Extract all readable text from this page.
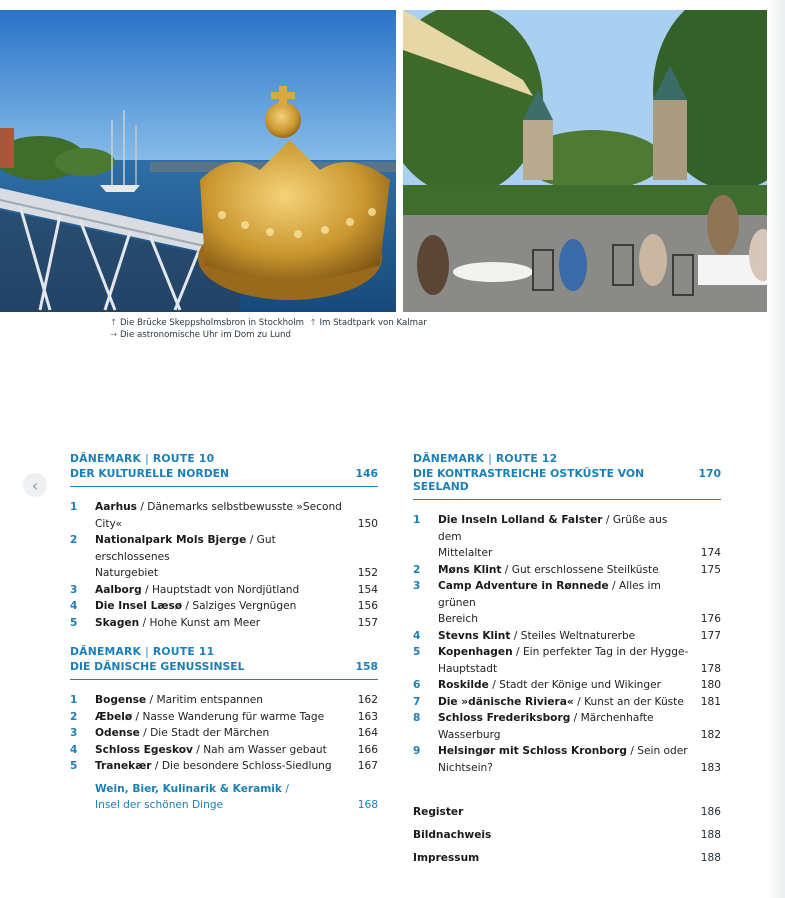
↑ Die Brücke Skeppsholmsbron in Stockholm  ↑ Im Stadtpark von Kalmar
→ Die astronomische Uhr im Dom zu Lund
‹
DÄNEMARK | ROUTE 10
DER KULTURELLE NORDEN	146
1	Aarhus / Dänemarks selbstbewusste »Second City«	150
2	Nationalpark Mols Bjerge / Gut erschlossenes
Naturgebiet	152
3	Aalborg / Hauptstadt von Nordjütland	154
4	Die Insel Læsø / Salziges Vergnügen	156
5	Skagen / Hohe Kunst am Meer	157
DÄNEMARK | ROUTE 11
DIE DÄNISCHE GENUSSINSEL	158
1	Bogense / Maritim entspannen	162
2	Æbelø / Nasse Wanderung für warme Tage	163
3	Odense / Die Stadt der Märchen	164
4	Schloss Egeskov / Nah am Wasser gebaut	166
5	Tranekær / Die besondere Schloss-Siedlung	167
Wein, Bier, Kulinarik & Keramik /
Insel der schönen Dinge	168
DÄNEMARK | ROUTE 12
DIE KONTRASTREICHE OSTKÜSTE VON SEELAND
170
1	Die Inseln Lolland & Falster / Grüße aus dem
Mittelalter	174
2	Møns Klint / Gut erschlossene Steilküste	175
3	Camp Adventure in Rønnede / Alles im grünen
Bereich	176
4	Stevns Klint / Steiles Weltnaturerbe	177
5	Kopenhagen / Ein perfekter Tag in der Hygge-
Hauptstadt	178
6	Roskilde / Stadt der Könige und Wikinger	180
7	Die »dänische Riviera« / Kunst an der Küste	181
8	Schloss Frederiksborg / Märchenhafte Wasserburg	182
9	Helsingør mit Schloss Kronborg / Sein oder
Nichtsein?	183
Register	186
Bildnachweis	188
Impressum	188
